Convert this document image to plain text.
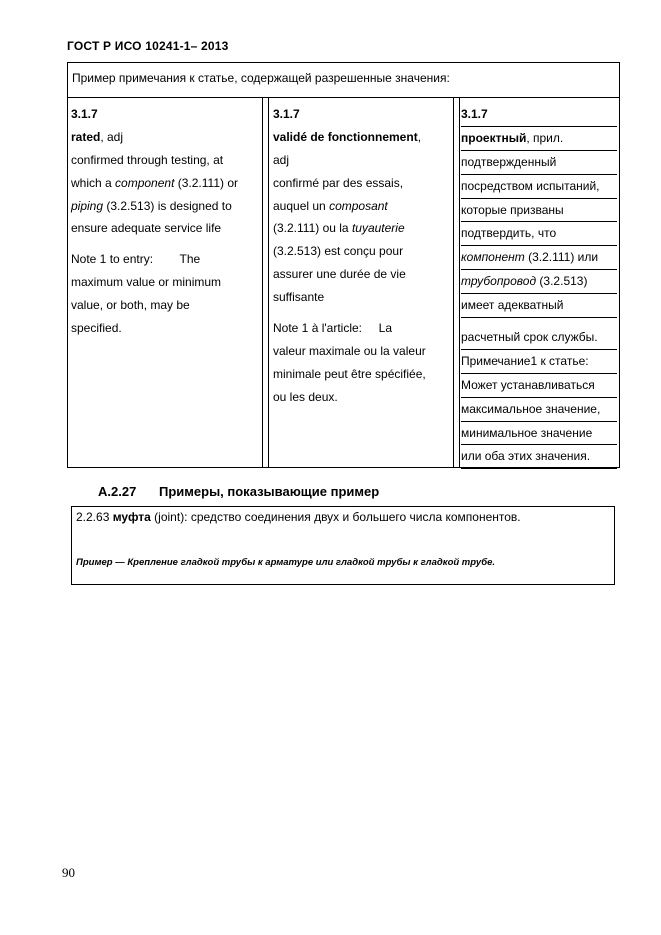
ГОСТ Р ИСО 10241-1– 2013
Пример примечания к статье, содержащей разрешенные значения:
3.1.7
rated, adj
confirmed through testing, at
which a component (3.2.111) or
piping (3.2.513) is designed to
ensure adequate service life
Note 1 to entry:        The
maximum value or minimum
value, or both, may be
specified.
3.1.7
validé de fonctionnement,
adj
confirmé par des essais,
auquel un composant
(3.2.111) ou la tuyauterie
(3.2.513) est conçu pour
assurer une durée de vie
suffisante
Note 1 à l'article:     La
valeur maximale ou la valeur
minimale peut être spécifiée,
ou les deux.
3.1.7
проектный, прил.
подтвержденный
посредством испытаний,
которые призваны
подтвердить, что
компонент (3.2.111) или
трубопровод (3.2.513)
имеет адекватный
расчетный срок службы.
Примечание1 к статье:
Может устанавливаться
максимальное значение,
минимальное значение
или оба этих значения.
A.2.27 Примеры, показывающие пример
2.2.63 муфта (joint): средство соединения двух и большего числа компонентов.
Пример — Крепление гладкой трубы к арматуре или гладкой трубы к гладкой трубе.
90
